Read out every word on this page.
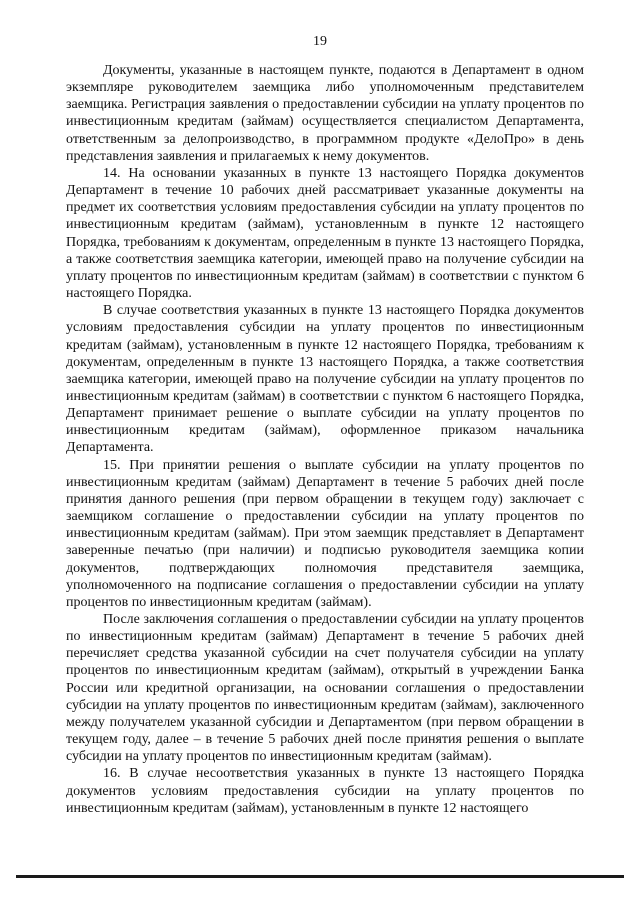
19

Документы, указанные в настоящем пункте, подаются в Департамент в одном экземпляре руководителем заемщика либо уполномоченным представителем заемщика. Регистрация заявления о предоставлении субсидии на уплату процентов по инвестиционным кредитам (займам) осуществляется специалистом Департамента, ответственным за делопроизводство, в программном продукте «ДелоПро» в день представления заявления и прилагаемых к нему документов.

14. На основании указанных в пункте 13 настоящего Порядка документов Департамент в течение 10 рабочих дней рассматривает указанные документы на предмет их соответствия условиям предоставления субсидии на уплату процентов по инвестиционным кредитам (займам), установленным в пункте 12 настоящего Порядка, требованиям к документам, определенным в пункте 13 настоящего Порядка, а также соответствия заемщика категории, имеющей право на получение субсидии на уплату процентов по инвестиционным кредитам (займам) в соответствии с пунктом 6 настоящего Порядка.

В случае соответствия указанных в пункте 13 настоящего Порядка документов условиям предоставления субсидии на уплату процентов по инвестиционным кредитам (займам), установленным в пункте 12 настоящего Порядка, требованиям к документам, определенным в пункте 13 настоящего Порядка, а также соответствия заемщика категории, имеющей право на получение субсидии на уплату процентов по инвестиционным кредитам (займам) в соответствии с пунктом 6 настоящего Порядка, Департамент принимает решение о выплате субсидии на уплату процентов по инвестиционным кредитам (займам), оформленное приказом начальника Департамента.

15. При принятии решения о выплате субсидии на уплату процентов по инвестиционным кредитам (займам) Департамент в течение 5 рабочих дней после принятия данного решения (при первом обращении в текущем году) заключает с заемщиком соглашение о предоставлении субсидии на уплату процентов по инвестиционным кредитам (займам). При этом заемщик представляет в Департамент заверенные печатью (при наличии) и подписью руководителя заемщика копии документов, подтверждающих полномочия представителя заемщика, уполномоченного на подписание соглашения о предоставлении субсидии на уплату процентов по инвестиционным кредитам (займам).

После заключения соглашения о предоставлении субсидии на уплату процентов по инвестиционным кредитам (займам) Департамент в течение 5 рабочих дней перечисляет средства указанной субсидии на счет получателя субсидии на уплату процентов по инвестиционным кредитам (займам), открытый в учреждении Банка России или кредитной организации, на основании соглашения о предоставлении субсидии на уплату процентов по инвестиционным кредитам (займам), заключенного между получателем указанной субсидии и Департаментом (при первом обращении в текущем году, далее – в течение 5 рабочих дней после принятия решения о выплате субсидии на уплату процентов по инвестиционным кредитам (займам).

16. В случае несоответствия указанных в пункте 13 настоящего Порядка документов условиям предоставления субсидии на уплату процентов по инвестиционным кредитам (займам), установленным в пункте 12 настоящего
